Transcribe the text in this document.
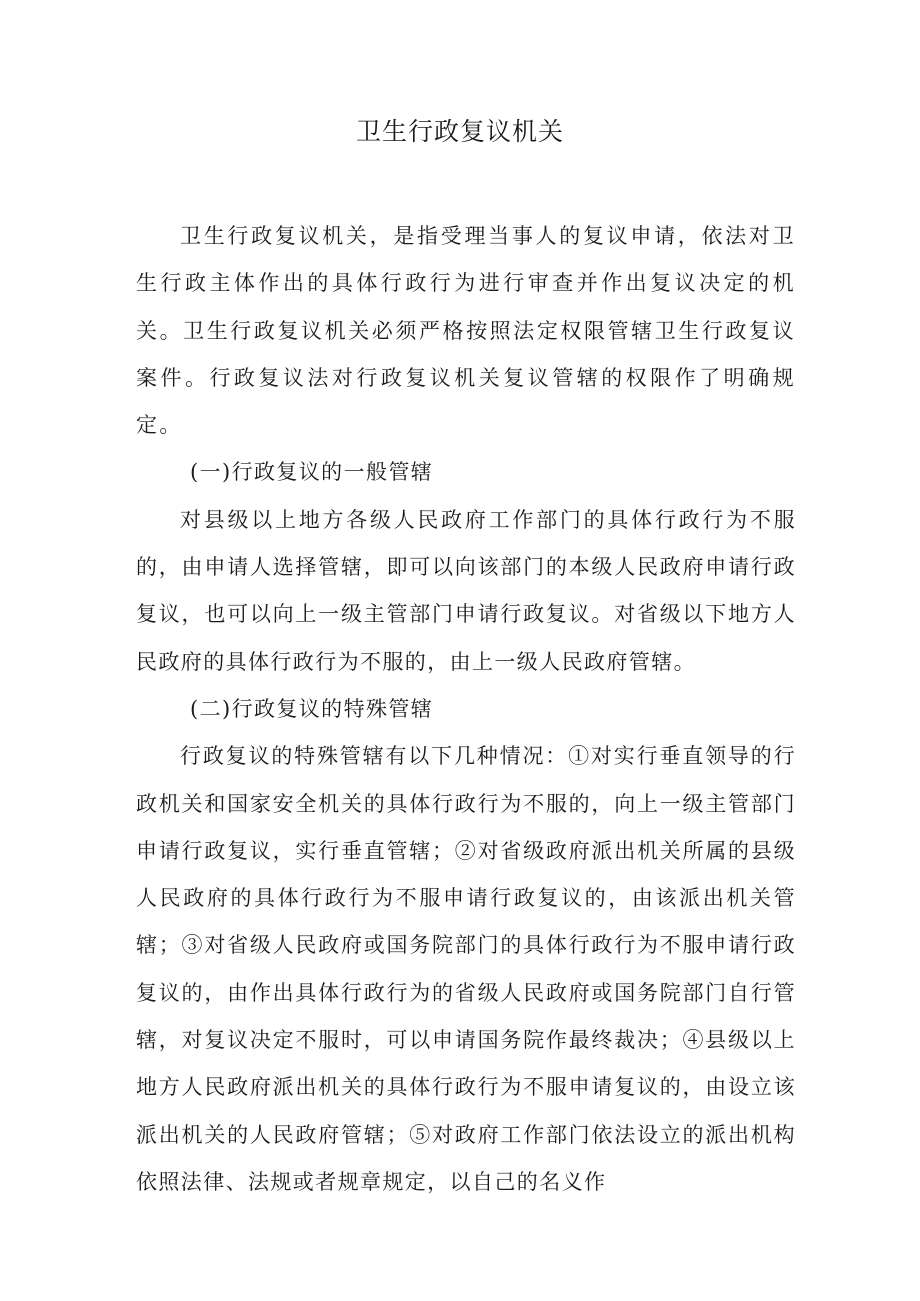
卫生行政复议机关

卫生行政复议机关，是指受理当事人的复议申请，依法对卫生行政主体作出的具体行政行为进行审查并作出复议决定的机关。卫生行政复议机关必须严格按照法定权限管辖卫生行政复议案件。行政复议法对行政复议机关复议管辖的权限作了明确规定。

(一)行政复议的一般管辖

对县级以上地方各级人民政府工作部门的具体行政行为不服的，由申请人选择管辖，即可以向该部门的本级人民政府申请行政复议，也可以向上一级主管部门申请行政复议。对省级以下地方人民政府的具体行政行为不服的，由上一级人民政府管辖。

(二)行政复议的特殊管辖

行政复议的特殊管辖有以下几种情况：①对实行垂直领导的行政机关和国家安全机关的具体行政行为不服的，向上一级主管部门申请行政复议，实行垂直管辖；②对省级政府派出机关所属的县级人民政府的具体行政行为不服申请行政复议的，由该派出机关管辖；③对省级人民政府或国务院部门的具体行政行为不服申请行政复议的，由作出具体行政行为的省级人民政府或国务院部门自行管辖，对复议决定不服时，可以申请国务院作最终裁决；④县级以上地方人民政府派出机关的具体行政行为不服申请复议的，由设立该派出机关的人民政府管辖；⑤对政府工作部门依法设立的派出机构依照法律、法规或者规章规定，以自己的名义作
